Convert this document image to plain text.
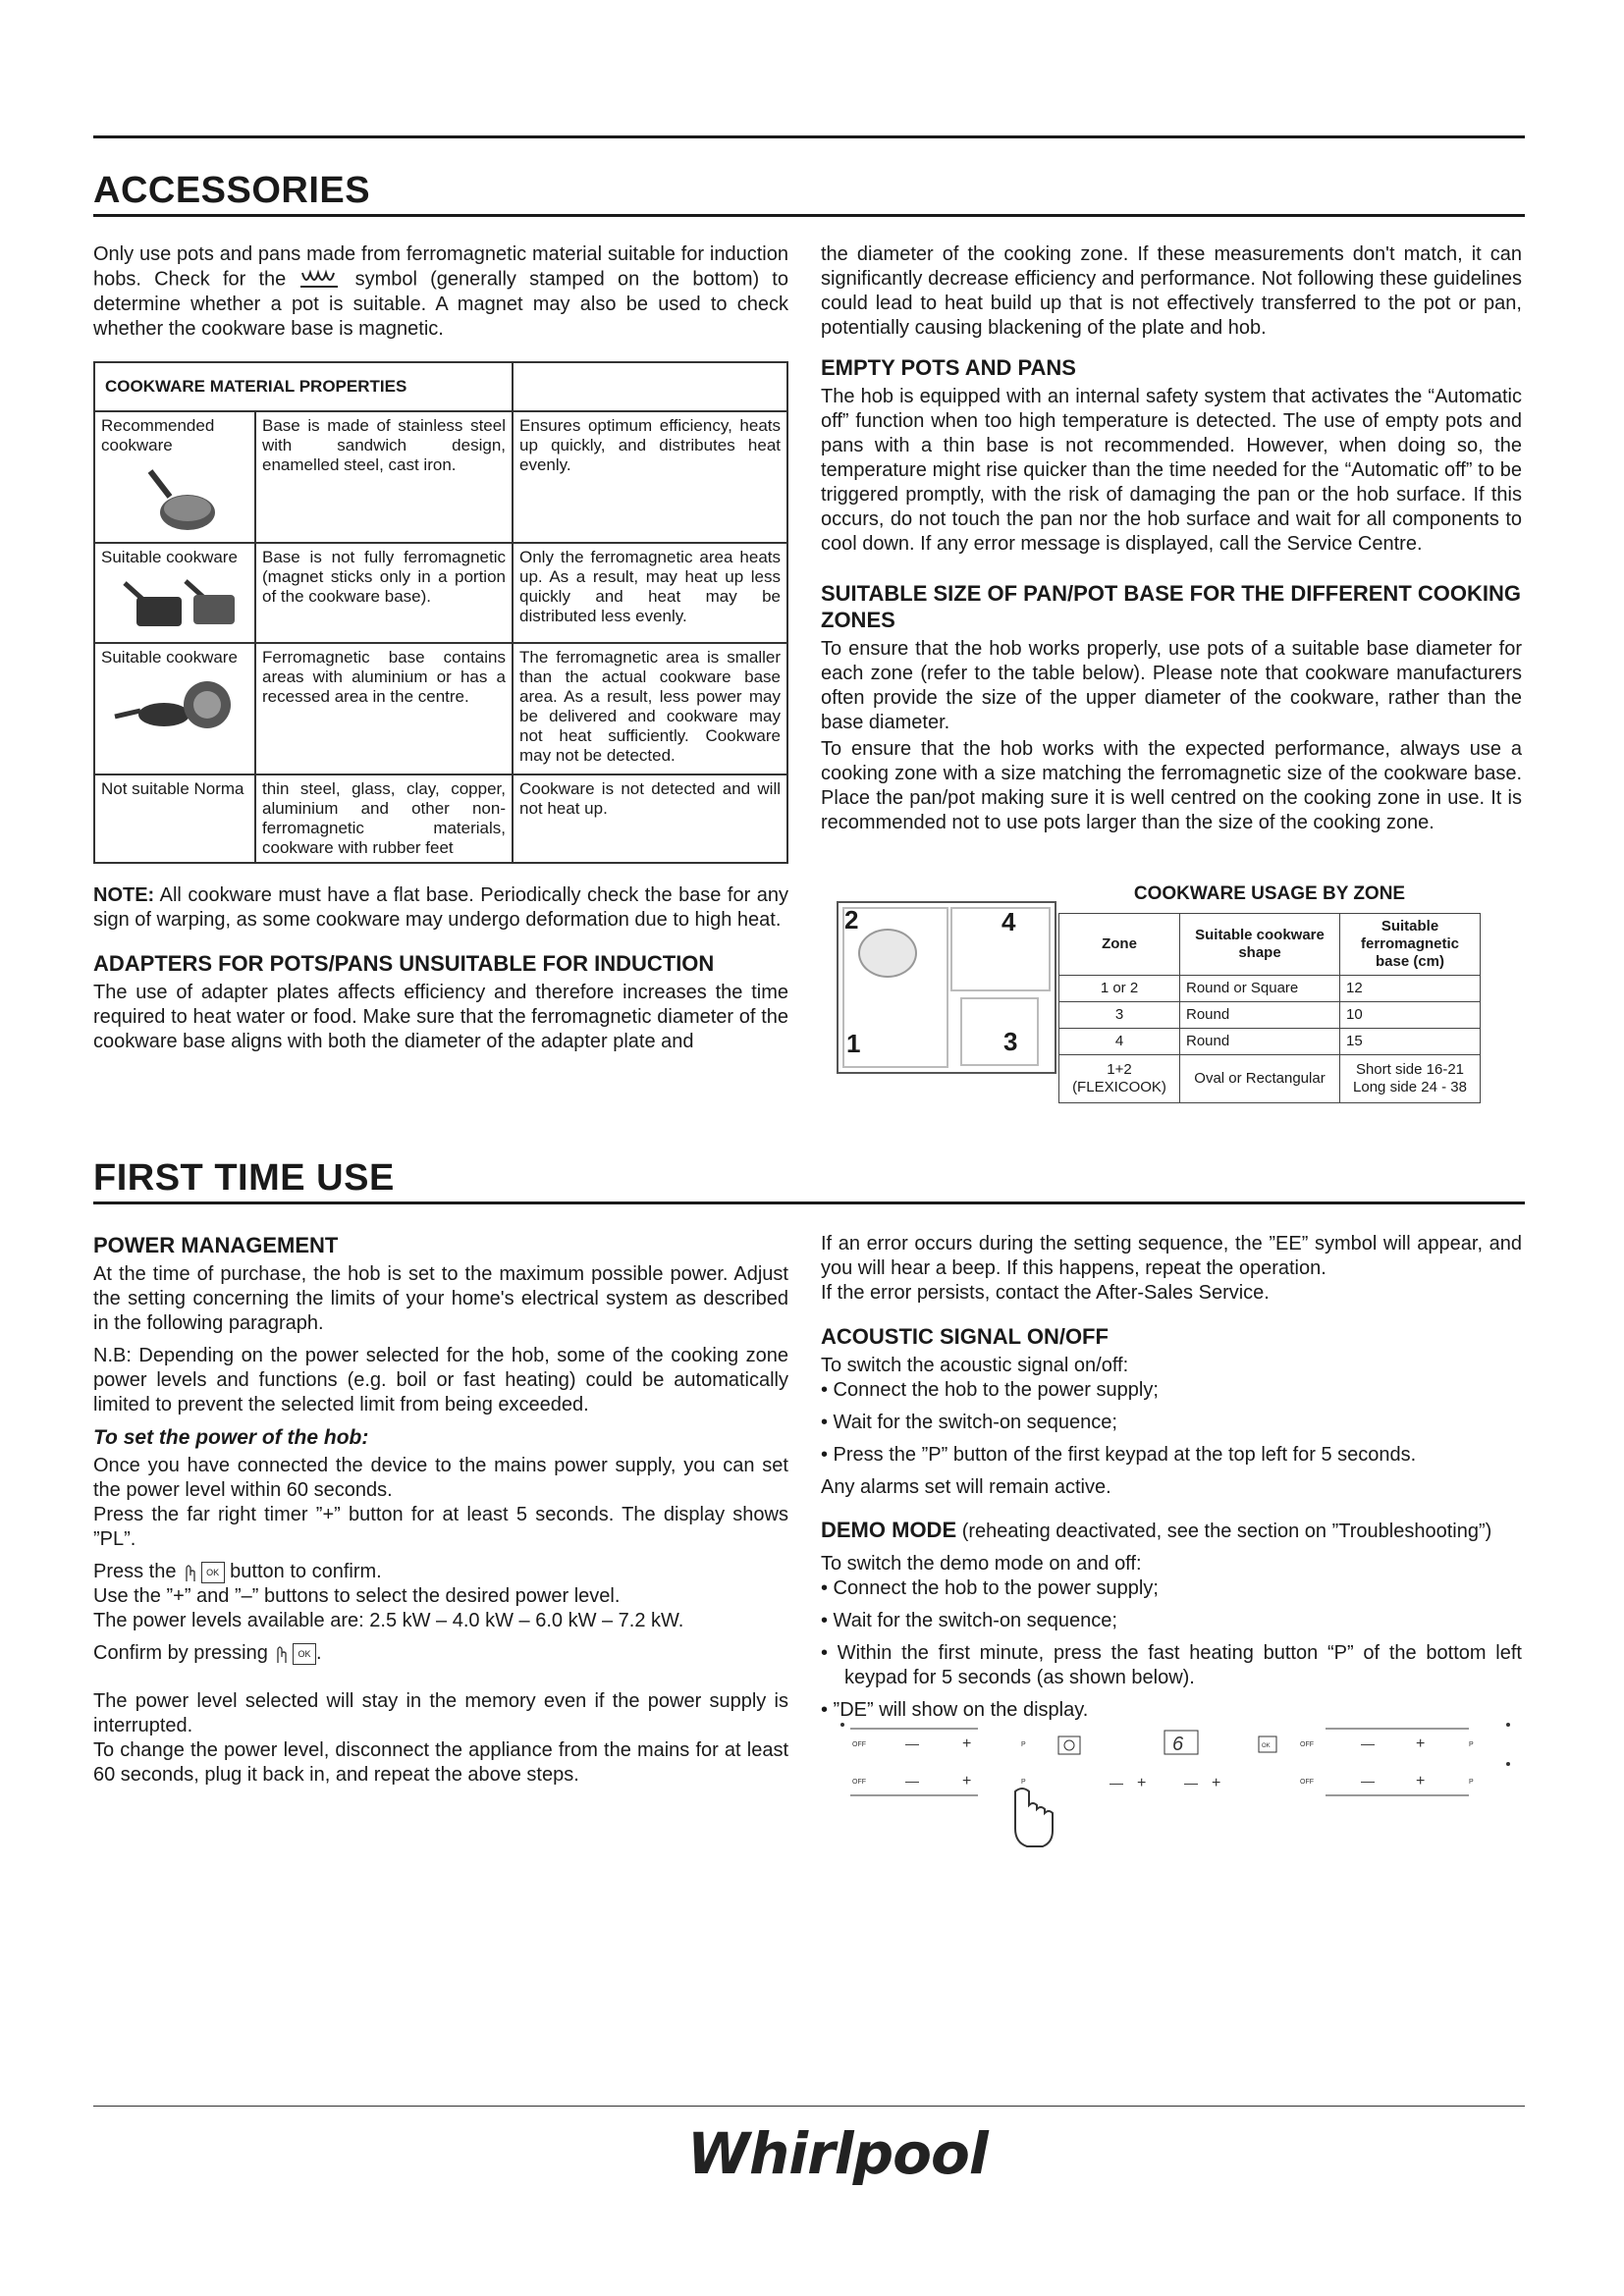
ACCESSORIES

Only use pots and pans made from ferromagnetic material suitable for induction hobs. Check for the	symbol (generally stamped on the bottom) to determine whether a pot is suitable. A magnet may also be used to check whether the cookware base is magnetic.

COOKWARE MATERIAL PROPERTIES		
Recommended cookware	Base is made of stainless steel with sandwich design, enamelled steel, cast iron.	Ensures optimum efficiency, heats up quickly, and distributes heat evenly.
Suitable cookware	Base is not fully ferromagnetic (magnet sticks only in a portion of the cookware base).	Only the ferromagnetic area heats up. As a result, may heat up less quickly and heat may be distributed less evenly.
Suitable cookware	Ferromagnetic base contains areas with aluminium or has a recessed area in the centre.	The ferromagnetic area is smaller than the actual cookware base area. As a result, less power may be delivered and cookware may not heat sufficiently. Cookware may not be detected.
Not suitable Norma	thin steel, glass, clay, copper, aluminium and other non-ferromagnetic materials, cookware with rubber feet	Cookware is not detected and will not heat up.

NOTE: All cookware must have a flat base. Periodically check the base for any sign of warping, as some cookware may undergo deformation due to high heat.

ADAPTERS FOR POTS/PANS UNSUITABLE FOR INDUCTION

The use of adapter plates affects efficiency and therefore increases the time required to heat water or food. Make sure that the ferromagnetic diameter of the cookware base aligns with both the diameter of the adapter plate and

the diameter of the cooking zone. If these measurements don't match, it can significantly decrease efficiency and performance. Not following these guidelines could lead to heat build up that is not effectively transferred to the pot or pan, potentially causing blackening of the plate and hob.

EMPTY POTS AND PANS

The hob is equipped with an internal safety system that activates the “Automatic off” function when too high temperature is detected. The use of empty pots and pans with a thin base is not recommended. However, when doing so, the temperature might rise quicker than the time needed for the “Automatic off” to be triggered promptly, with the risk of damaging the pan or the hob surface. If this occurs, do not touch the pan nor the hob surface and wait for all components to cool down. If any error message is displayed, call the Service Centre.

SUITABLE SIZE OF PAN/POT BASE FOR THE DIFFERENT COOKING ZONES

To ensure that the hob works properly, use pots of a suitable base diameter for each zone (refer to the table below). Please note that cookware manufacturers often provide the size of the upper diameter of the cookware, rather than the base diameter.

To ensure that the hob works with the expected performance, always use a cooking zone with a size matching the ferromagnetic size of the cookware base. Place the pan/pot making sure it is well centred on the cooking zone in use. It is recommended not to use pots larger than the size of the cooking zone.

2	4
1	3
COOKWARE USAGE BY ZONE
Zone	Suitable cookware shape	Suitable ferromagnetic base (cm)
1 or 2	Round or Square	12
3	Round	10
4	Round	15
1+2 (FLEXICOOK)	Oval or Rectangular	Short side 16-21
Long side 24 - 38
FIRST TIME USE
POWER MANAGEMENT

At the time of purchase, the hob is set to the maximum possible power. Adjust the setting concerning the limits of your home's electrical system as described in the following paragraph.

N.B: Depending on the power selected for the hob, some of the cooking zone power levels and functions (e.g. boil or fast heating) could be automatically limited to prevent the selected limit from being exceeded.

To set the power of the hob:

Once you have connected the device to the mains power supply, you can set the power level within 60 seconds.

Press the far right timer ”+” button for at least 5 seconds. The display shows ”PL”.

Press the	OK button to confirm.

Use the ”+” and ”–” buttons to select the desired power level.

The power levels available are: 2.5 kW – 4.0 kW – 6.0 kW – 7.2 kW.

Confirm by pressing	OK .

The power level selected will stay in the memory even if the power supply is interrupted.

To change the power level, disconnect the appliance from the mains for at least 60 seconds, plug it back in, and repeat the above steps.

If an error occurs during the setting sequence, the ”EE” symbol will appear, and you will hear a beep. If this happens, repeat the operation.

If the error persists, contact the After-Sales Service.

ACOUSTIC SIGNAL ON/OFF

To switch the acoustic signal on/off:

• Connect the hob to the power supply;

• Wait for the switch-on sequence;

• Press the ”P” button of the first keypad at the top left for 5 seconds.

Any alarms set will remain active.

DEMO MODE (reheating deactivated, see the section on ”Troubleshooting”)

To switch the demo mode on and off:

• Connect the hob to the power supply;

• Wait for the switch-on sequence;

• Within the first minute, press the fast heating button “P” of the bottom left keypad for 5 seconds (as shown below).

• ”DE” will show on the display.

OFF	—	+	P
OFF	—	+	P
6	OK
— +	— +
OFF	—	+	P
OFF	—	+	P
Whirlpool
